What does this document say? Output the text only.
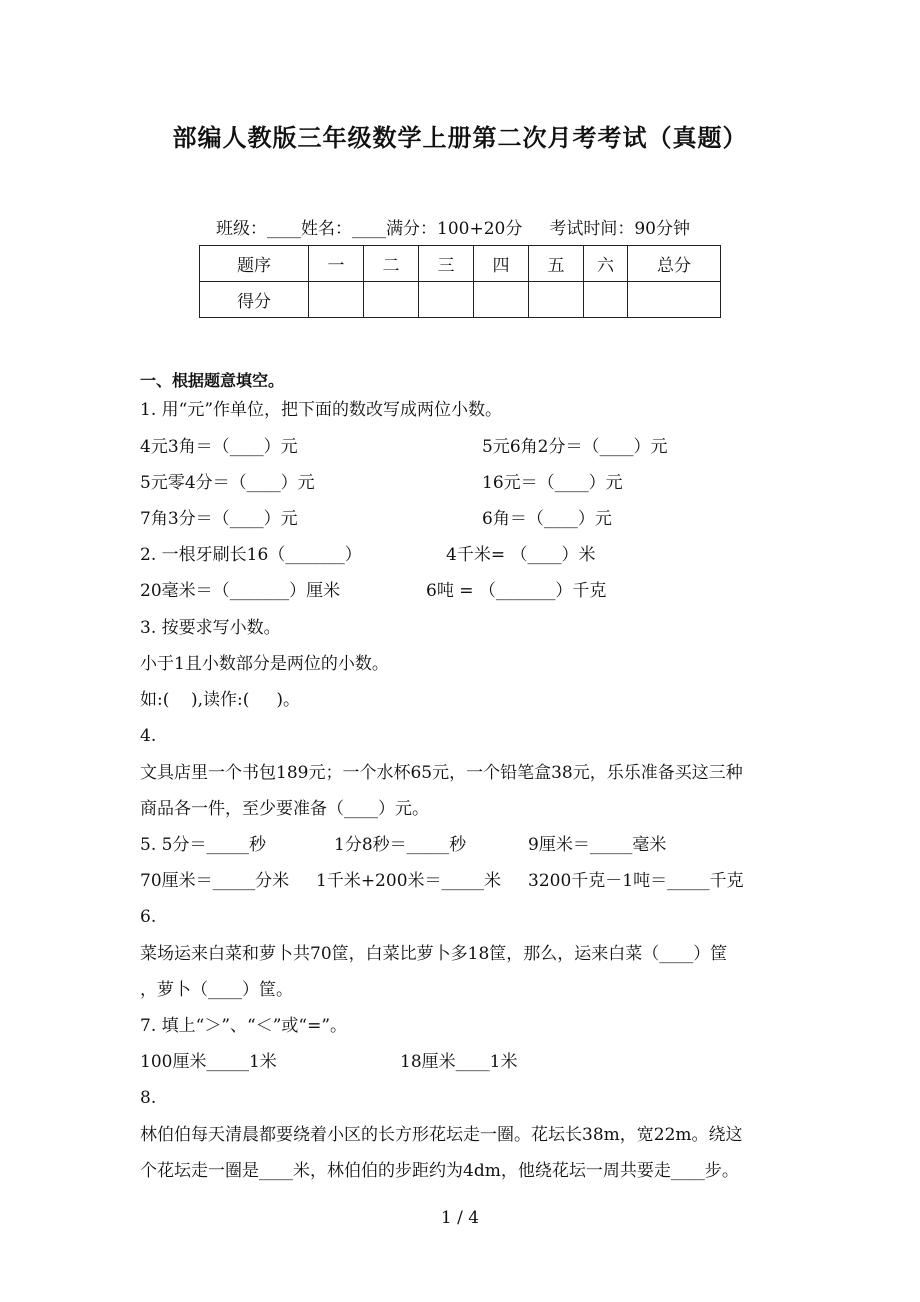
部编人教版三年级数学上册第二次月考考试（真题）
班级：____姓名：____满分：100+20分     考试时间：90分钟
题序	一	二	三	四	五	六	总分
得分							
一、根据题意填空。
1. 用“元”作单位，把下面的数改写成两位小数。
4元3角＝（____）元	5元6角2分＝（____）元
5元零4分＝（____）元	16元＝（____）元
7角3分＝（____）元	6角＝（____）元
2. 一根牙刷长16（_______）	4千米= （____）米
20毫米＝（_______）厘米	6吨 = （_______）千克
3. 按要求写小数。
小于1且小数部分是两位的小数。
如:(    ),读作:(     )。
4.
文具店里一个书包189元；一个水杯65元，一个铅笔盒38元，乐乐准备买这三种
商品各一件，至少要准备（____）元。
5. 5分＝_____秒	1分8秒＝_____秒	9厘米＝_____毫米
70厘米＝_____分米 1千米+200米＝_____米 3200千克－1吨＝_____千克
6.
菜场运来白菜和萝卜共70筐，白菜比萝卜多18筐，那么，运来白菜（____）筐
，萝卜（____）筐。
7. 填上“＞”、“＜”或“=”。
100厘米_____1米	18厘米____1米
8.
林伯伯每天清晨都要绕着小区的长方形花坛走一圈。花坛长38m，宽22m。绕这
个花坛走一圈是____米，林伯伯的步距约为4dm，他绕花坛一周共要走____步。
1 / 4
